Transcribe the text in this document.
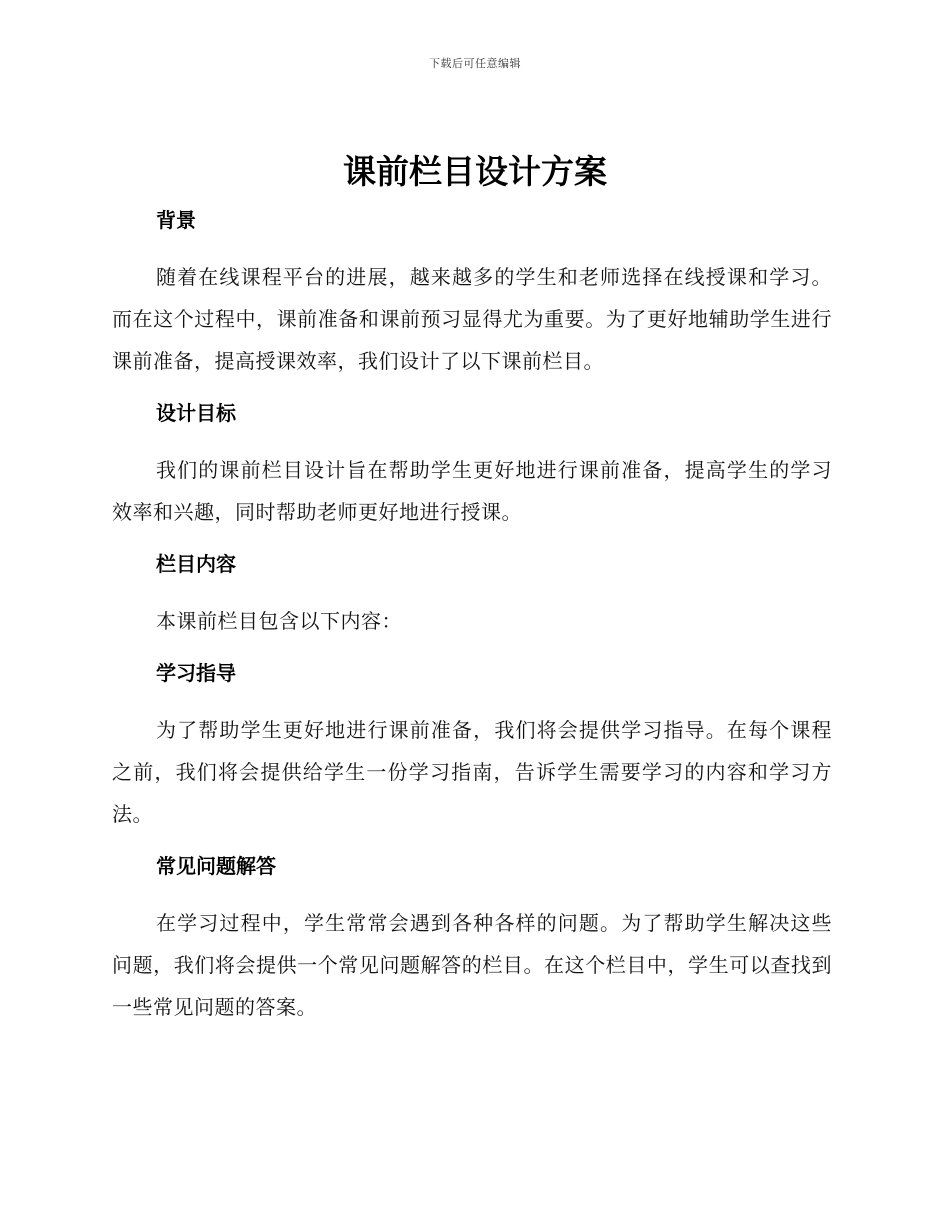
下载后可任意编辑
课前栏目设计方案
背景

随着在线课程平台的进展，越来越多的学生和老师选择在线授课和学习。而在这个过程中，课前准备和课前预习显得尤为重要。为了更好地辅助学生进行课前准备，提高授课效率，我们设计了以下课前栏目。

设计目标

我们的课前栏目设计旨在帮助学生更好地进行课前准备，提高学生的学习效率和兴趣，同时帮助老师更好地进行授课。

栏目内容

本课前栏目包含以下内容：

学习指导

为了帮助学生更好地进行课前准备，我们将会提供学习指导。在每个课程之前，我们将会提供给学生一份学习指南，告诉学生需要学习的内容和学习方法。

常见问题解答

在学习过程中，学生常常会遇到各种各样的问题。为了帮助学生解决这些问题，我们将会提供一个常见问题解答的栏目。在这个栏目中，学生可以查找到一些常见问题的答案。
